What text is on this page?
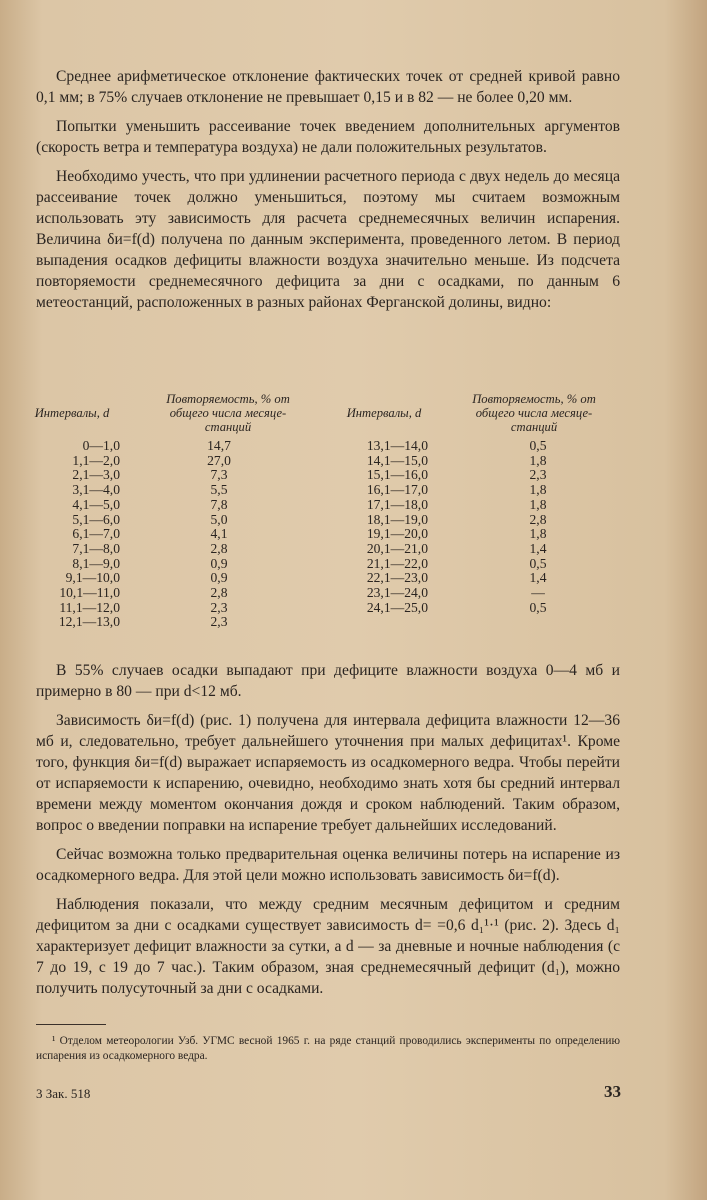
Среднее арифметическое отклонение фактических точек от средней кривой равно 0,1 мм; в 75% случаев отклонение не превышает 0,15 и в 82 — не более 0,20 мм.

Попытки уменьшить рассеивание точек введением дополнительных аргументов (скорость ветра и температура воздуха) не дали положительных результатов.

Необходимо учесть, что при удлинении расчетного периода с двух недель до месяца рассеивание точек должно уменьшиться, поэтому мы считаем возможным использовать эту зависимость для расчета среднемесячных величин испарения. Величина δи=f(d) получена по данным эксперимента, проведенного летом. В период выпадения осадков дефициты влажности воздуха значительно меньше. Из подсчета повторяемости среднемесячного дефицита за дни с осадками, по данным 6 метеостанций, расположенных в разных районах Ферганской долины, видно:

Интервалы, d
Повторяемость, % от общего числа месяце-станций
Интервалы, d
Повторяемость, % от общего числа месяце-станций
0—1,0	14,7	13,1—14,0	0,5
1,1—2,0	27,0	14,1—15,0	1,8
2,1—3,0	7,3	15,1—16,0	2,3
3,1—4,0	5,5	16,1—17,0	1,8
4,1—5,0	7,8	17,1—18,0	1,8
5,1—6,0	5,0	18,1—19,0	2,8
6,1—7,0	4,1	19,1—20,0	1,8
7,1—8,0	2,8	20,1—21,0	1,4
8,1—9,0	0,9	21,1—22,0	0,5
9,1—10,0	0,9	22,1—23,0	1,4
10,1—11,0	2,8	23,1—24,0	—
11,1—12,0	2,3	24,1—25,0	0,5
12,1—13,0	2,3

В 55% случаев осадки выпадают при дефиците влажности воздуха 0—4 мб и примерно в 80 — при d<12 мб.

Зависимость δи=f(d) (рис. 1) получена для интервала дефицита влажности 12—36 мб и, следовательно, требует дальнейшего уточнения при малых дефицитах¹. Кроме того, функция δи=f(d) выражает испаряемость из осадкомерного ведра. Чтобы перейти от испаряемости к испарению, очевидно, необходимо знать хотя бы средний интервал времени между моментом окончания дождя и сроком наблюдений. Таким образом, вопрос о введении поправки на испарение требует дальнейших исследований.

Сейчас возможна только предварительная оценка величины потерь на испарение из осадкомерного ведра. Для этой цели можно использовать зависимость δи=f(d).

Наблюдения показали, что между средним месячным дефицитом и средним дефицитом за дни с осадками существует зависимость d= =0,6 d₁¹·¹ (рис. 2). Здесь d₁ характеризует дефицит влажности за сутки, а d — за дневные и ночные наблюдения (с 7 до 19, с 19 до 7 час.). Таким образом, зная среднемесячный дефицит (d₁), можно получить полусуточный за дни с осадками.

¹ Отделом метеорологии Узб. УГМС весной 1965 г. на ряде станций проводились эксперименты по определению испарения из осадкомерного ведра.
3 Зак. 518	33
